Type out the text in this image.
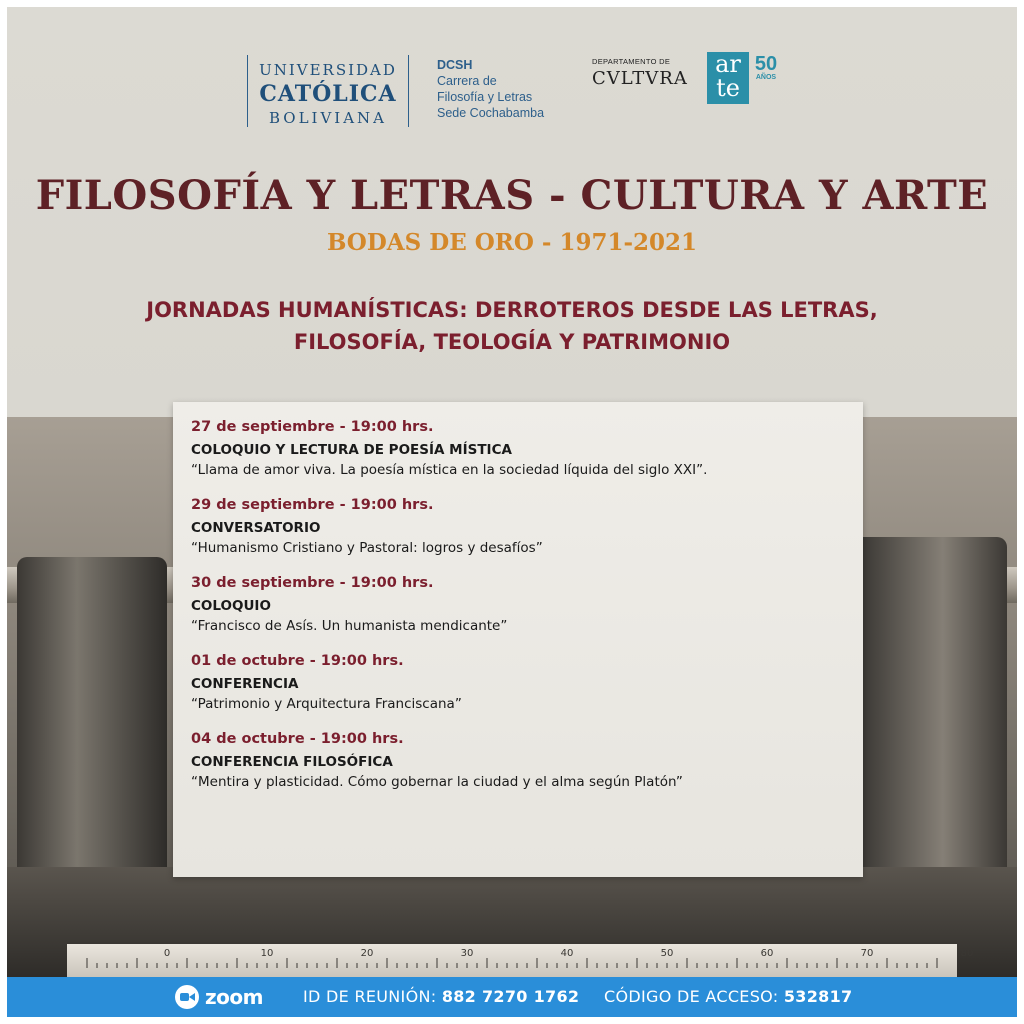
0	10	20	30	40	50	60	70	80
UNIVERSIDAD
CATÓLICA
BOLIVIANA
DCSH
Carrera de
Filosofía y Letras
Sede Cochabamba
DEPARTAMENTO DE
CVLTVRA
ar
te
50
AÑOS
FILOSOFÍA Y LETRAS - CULTURA Y ARTE
BODAS DE ORO - 1971-2021
JORNADAS HUMANÍSTICAS: DERROTEROS DESDE LAS LETRAS,
FILOSOFÍA, TEOLOGÍA Y PATRIMONIO
27 de septiembre - 19:00 hrs.
COLOQUIO Y LECTURA DE POESÍA MÍSTICA
“Llama de amor viva. La poesía mística en la sociedad líquida del siglo XXI”.
29 de septiembre - 19:00 hrs.
CONVERSATORIO
“Humanismo Cristiano y Pastoral: logros y desafíos”
30 de septiembre - 19:00 hrs.
COLOQUIO
“Francisco de Asís. Un humanista mendicante”
01 de octubre - 19:00 hrs.
CONFERENCIA
“Patrimonio y Arquitectura Franciscana”
04 de octubre - 19:00 hrs.
CONFERENCIA FILOSÓFICA
“Mentira y plasticidad. Cómo gobernar la ciudad y el alma según Platón”
zoom	ID DE REUNIÓN: 882 7270 1762 CÓDIGO DE ACCESO: 532817
